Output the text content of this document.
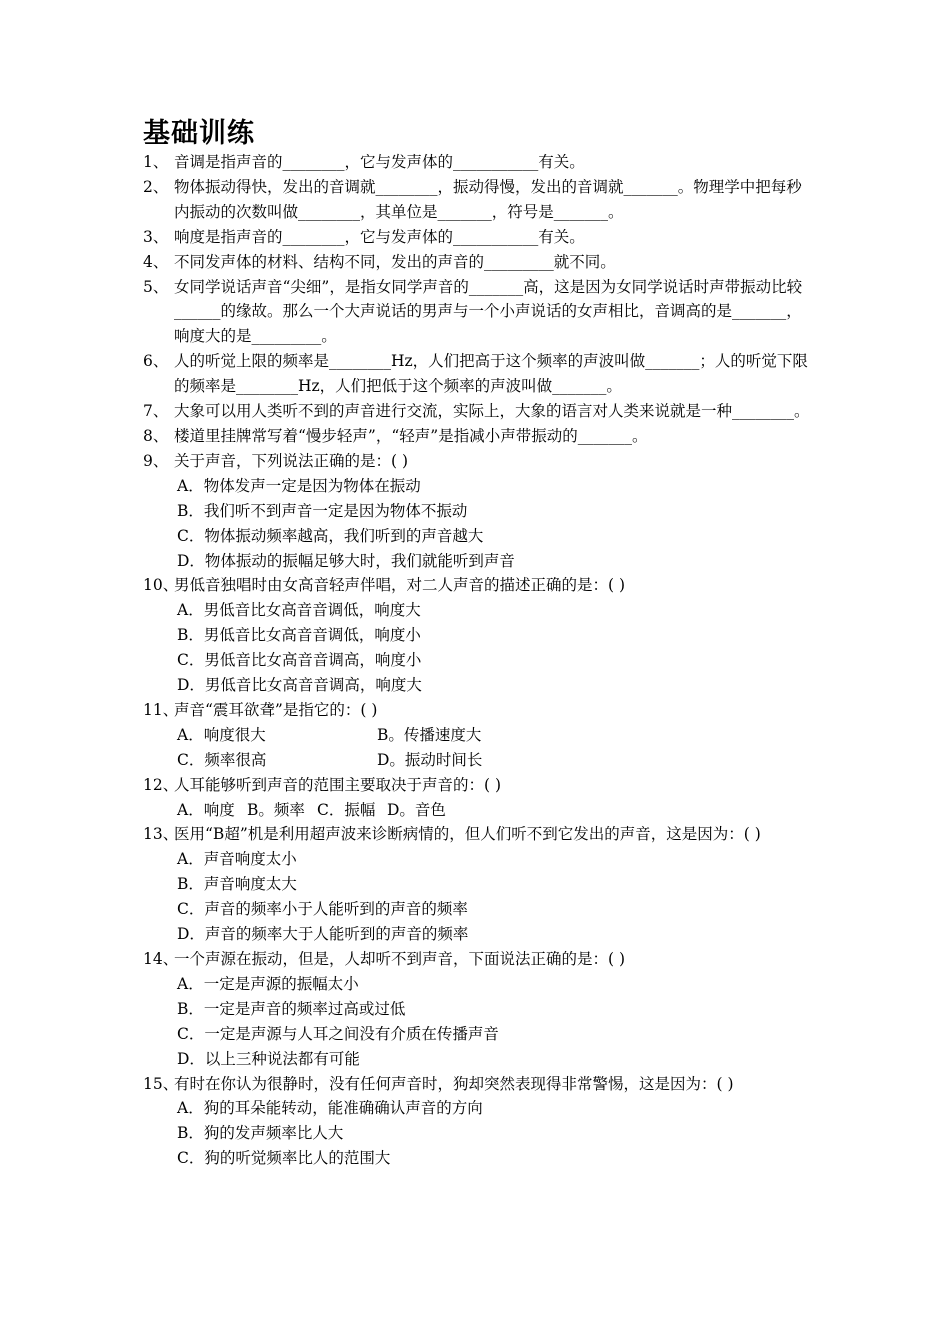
基础训练
1、 音调是指声音的________，它与发声体的___________有关。
2、 物体振动得快，发出的音调就________，振动得慢，发出的音调就_______。物理学中把每秒内振动的次数叫做________，其单位是_______，符号是_______。
3、 响度是指声音的________，它与发声体的___________有关。
4、 不同发声体的材料、结构不同，发出的声音的_________就不同。
5、 女同学说话声音“尖细”，是指女同学声音的_______高，这是因为女同学说话时声带振动比较______的缘故。那么一个大声说话的男声与一个小声说话的女声相比，音调高的是_______，响度大的是_________。
6、 人的听觉上限的频率是________Hz，人们把高于这个频率的声波叫做_______；人的听觉下限的频率是________Hz，人们把低于这个频率的声波叫做_______。
7、 大象可以用人类听不到的声音进行交流，实际上，大象的语言对人类来说就是一种________。
8、 楼道里挂牌常写着“慢步轻声”，“轻声”是指减小声带振动的_______。
9、 关于声音，下列说法正确的是：( )
A．物体发声一定是因为物体在振动
B．我们听不到声音一定是因为物体不振动
C．物体振动频率越高，我们听到的声音越大
D．物体振动的振幅足够大时，我们就能听到声音
10、
男低音独唱时由女高音轻声伴唱，对二人声音的描述正确的是：( )
A．男低音比女高音音调低，响度大
B．男低音比女高音音调低，响度小
C．男低音比女高音音调高，响度小
D．男低音比女高音音调高，响度大
11、
声音“震耳欲聋”是指它的：( )
A．响度很大	B。传播速度大
C．频率很高	D。振动时间长
12、
人耳能够听到声音的范围主要取决于声音的：( )
A．响度 B。频率 C．振幅 D。音色
13、
医用“B超”机是利用超声波来诊断病情的，但人们听不到它发出的声音，这是因为：( )
A．声音响度太小
B．声音响度太大
C．声音的频率小于人能听到的声音的频率
D．声音的频率大于人能听到的声音的频率
14、
一个声源在振动，但是，人却听不到声音，下面说法正确的是：( )
A．一定是声源的振幅太小
B．一定是声音的频率过高或过低
C．一定是声源与人耳之间没有介质在传播声音
D．以上三种说法都有可能
15、
有时在你认为很静时，没有任何声音时，狗却突然表现得非常警惕，这是因为：( )
A．狗的耳朵能转动，能准确确认声音的方向
B．狗的发声频率比人大
C．狗的听觉频率比人的范围大
